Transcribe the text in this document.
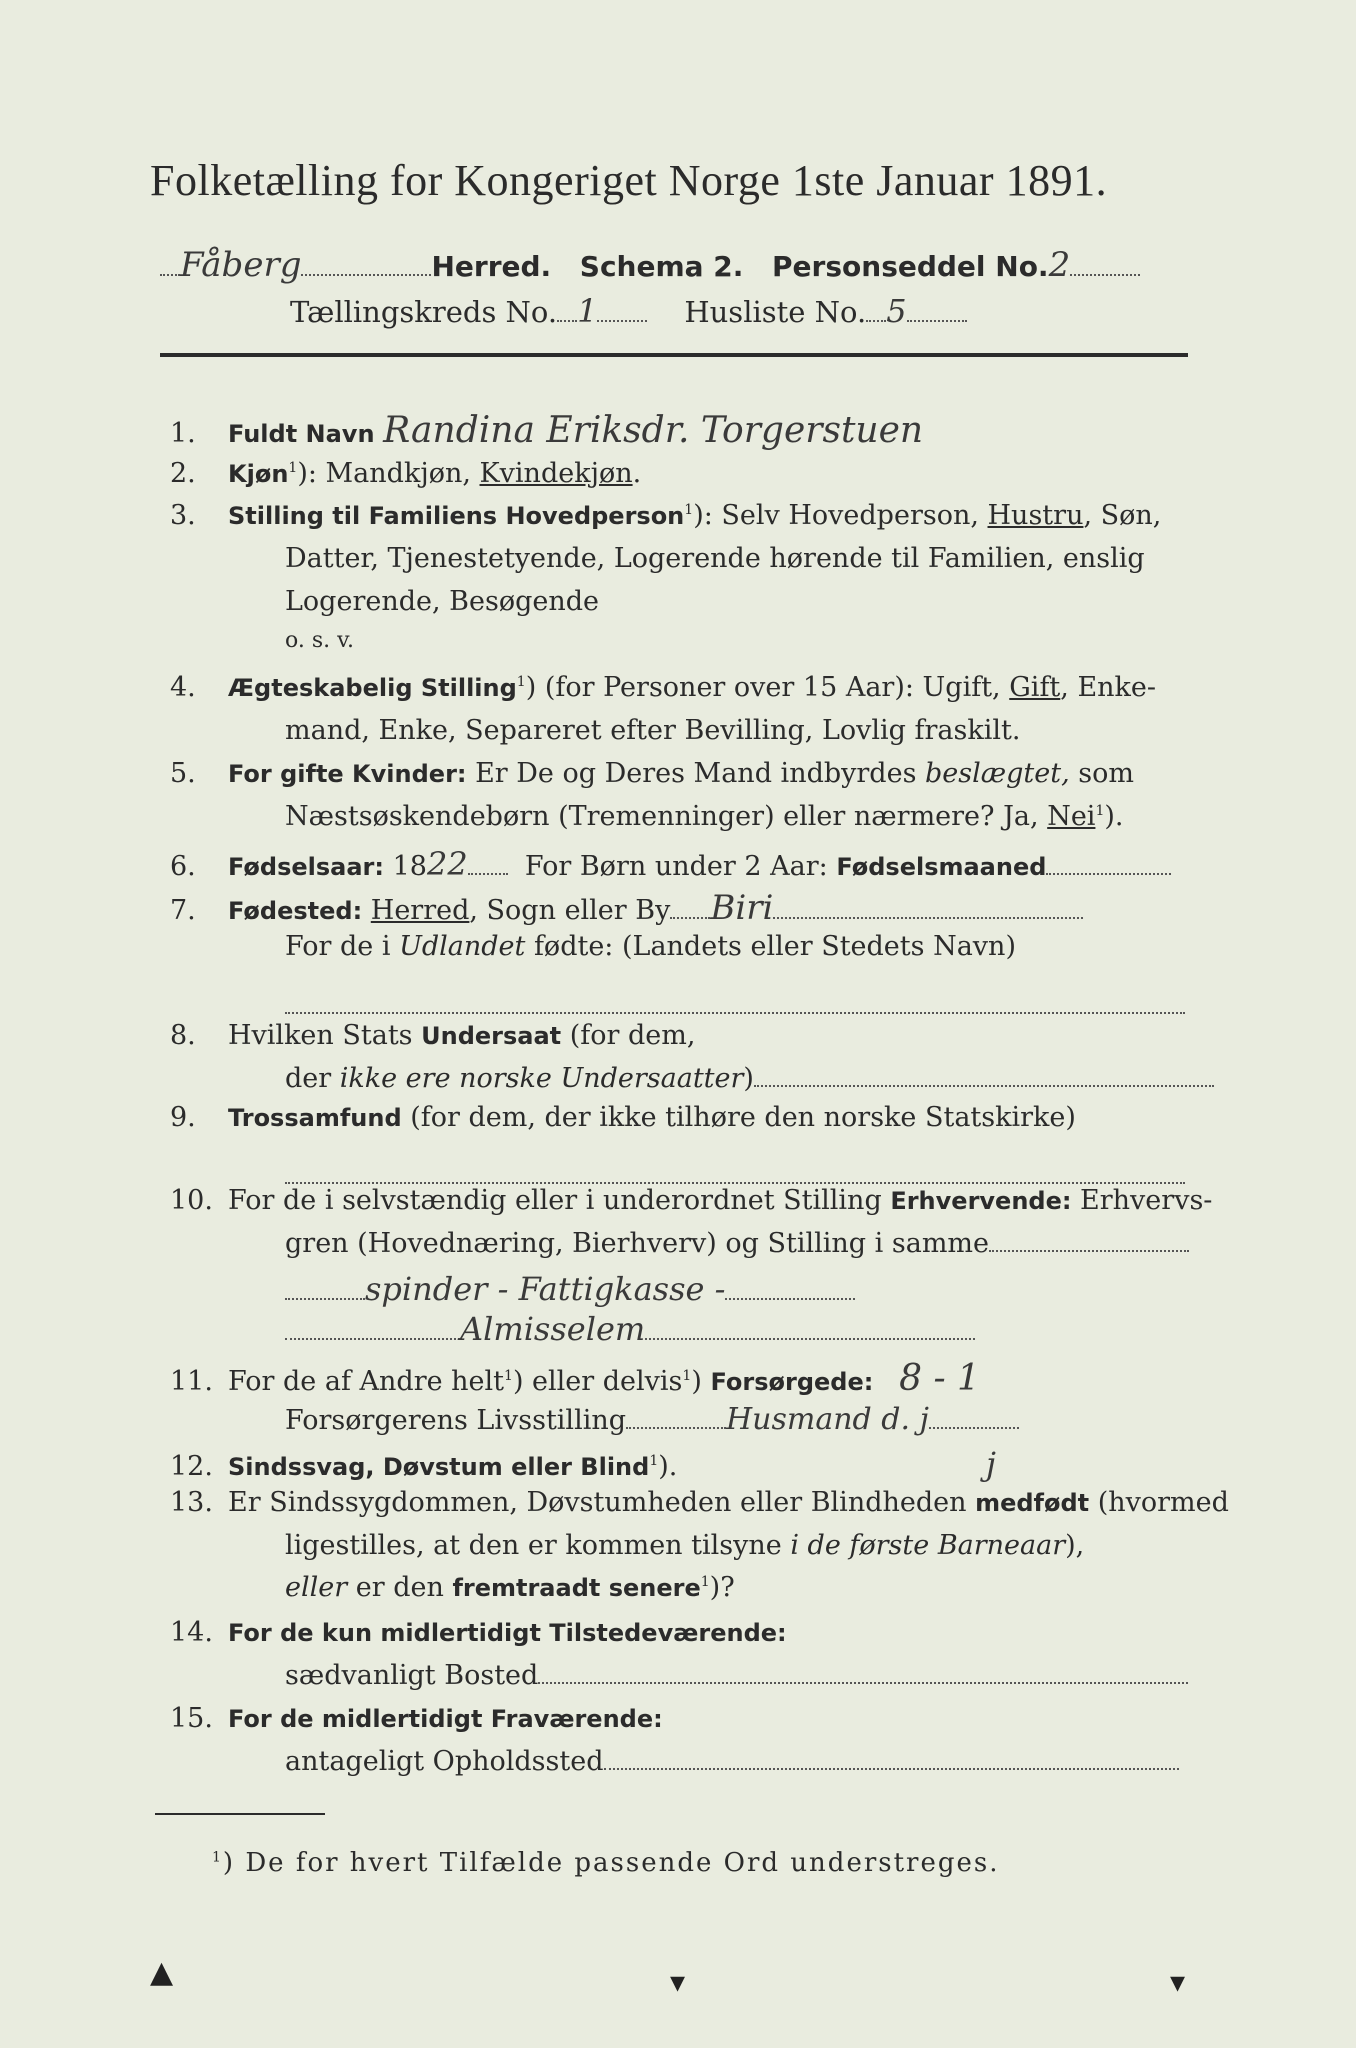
Folketælling for Kongeriget Norge 1ste Januar 1891.
Fåberg	Herred. Schema 2. Personseddel No.2
Tællingskreds No. 1	Husliste No. 5
1. Fuldt Navn Randina Eriksdr. Torgerstuen
2. Kjøn$^1$): Mandkjøn, Kvindekjøn.
3. Stilling til Familiens Hovedperson$^1$): Selv Hovedperson, Hustru, Søn,
Datter, Tjenestetyende, Logerende hørende til Familien, enslig
Logerende, Besøgende
o. s. v.
4. Ægteskabelig Stilling$^1$) (for Personer over 15 Aar): Ugift, Gift, Enke-
mand, Enke, Separeret efter Bevilling, Lovlig fraskilt.
5. For gifte Kvinder: Er De og Deres Mand indbyrdes beslægtet, som
Næstsøskendebørn (Tremenninger) eller nærmere? Ja, Nei$^1$).
6. Fødselsaar: 1822 For Børn under 2 Aar: Fødselsmaaned
7. Fødested: Herred, Sogn eller By Biri
For de i Udlandet fødte: (Landets eller Stedets Navn)
8. Hvilken Stats Undersaat (for dem,
der ikke ere norske Undersaatter)
9. Trossamfund (for dem, der ikke tilhøre den norske Statskirke)
10. For de i selvstændig eller i underordnet Stilling Erhvervende: Erhvervs-
gren (Hovednæring, Bierhverv) og Stilling i samme
spinder - Fattigkasse -
Almisselem
11. For de af Andre helt$^1$) eller delvis$^1$) Forsørgede: 8 - 1
Forsørgerens Livsstilling	Husmand d. j
12. Sindssvag, Døvstum eller Blind$^1$).	j
13. Er Sindssygdommen, Døvstumheden eller Blindheden medfødt (hvormed
ligestilles, at den er kommen tilsyne i de første Barneaar),
eller er den fremtraadt senere$^1$)?
14. For de kun midlertidigt Tilstedeværende:
sædvanligt Bosted
15. For de midlertidigt Fraværende:
antageligt Opholdssted
$^1$) De for hvert Tilfælde passende Ord understreges.
▲	▾	▾
